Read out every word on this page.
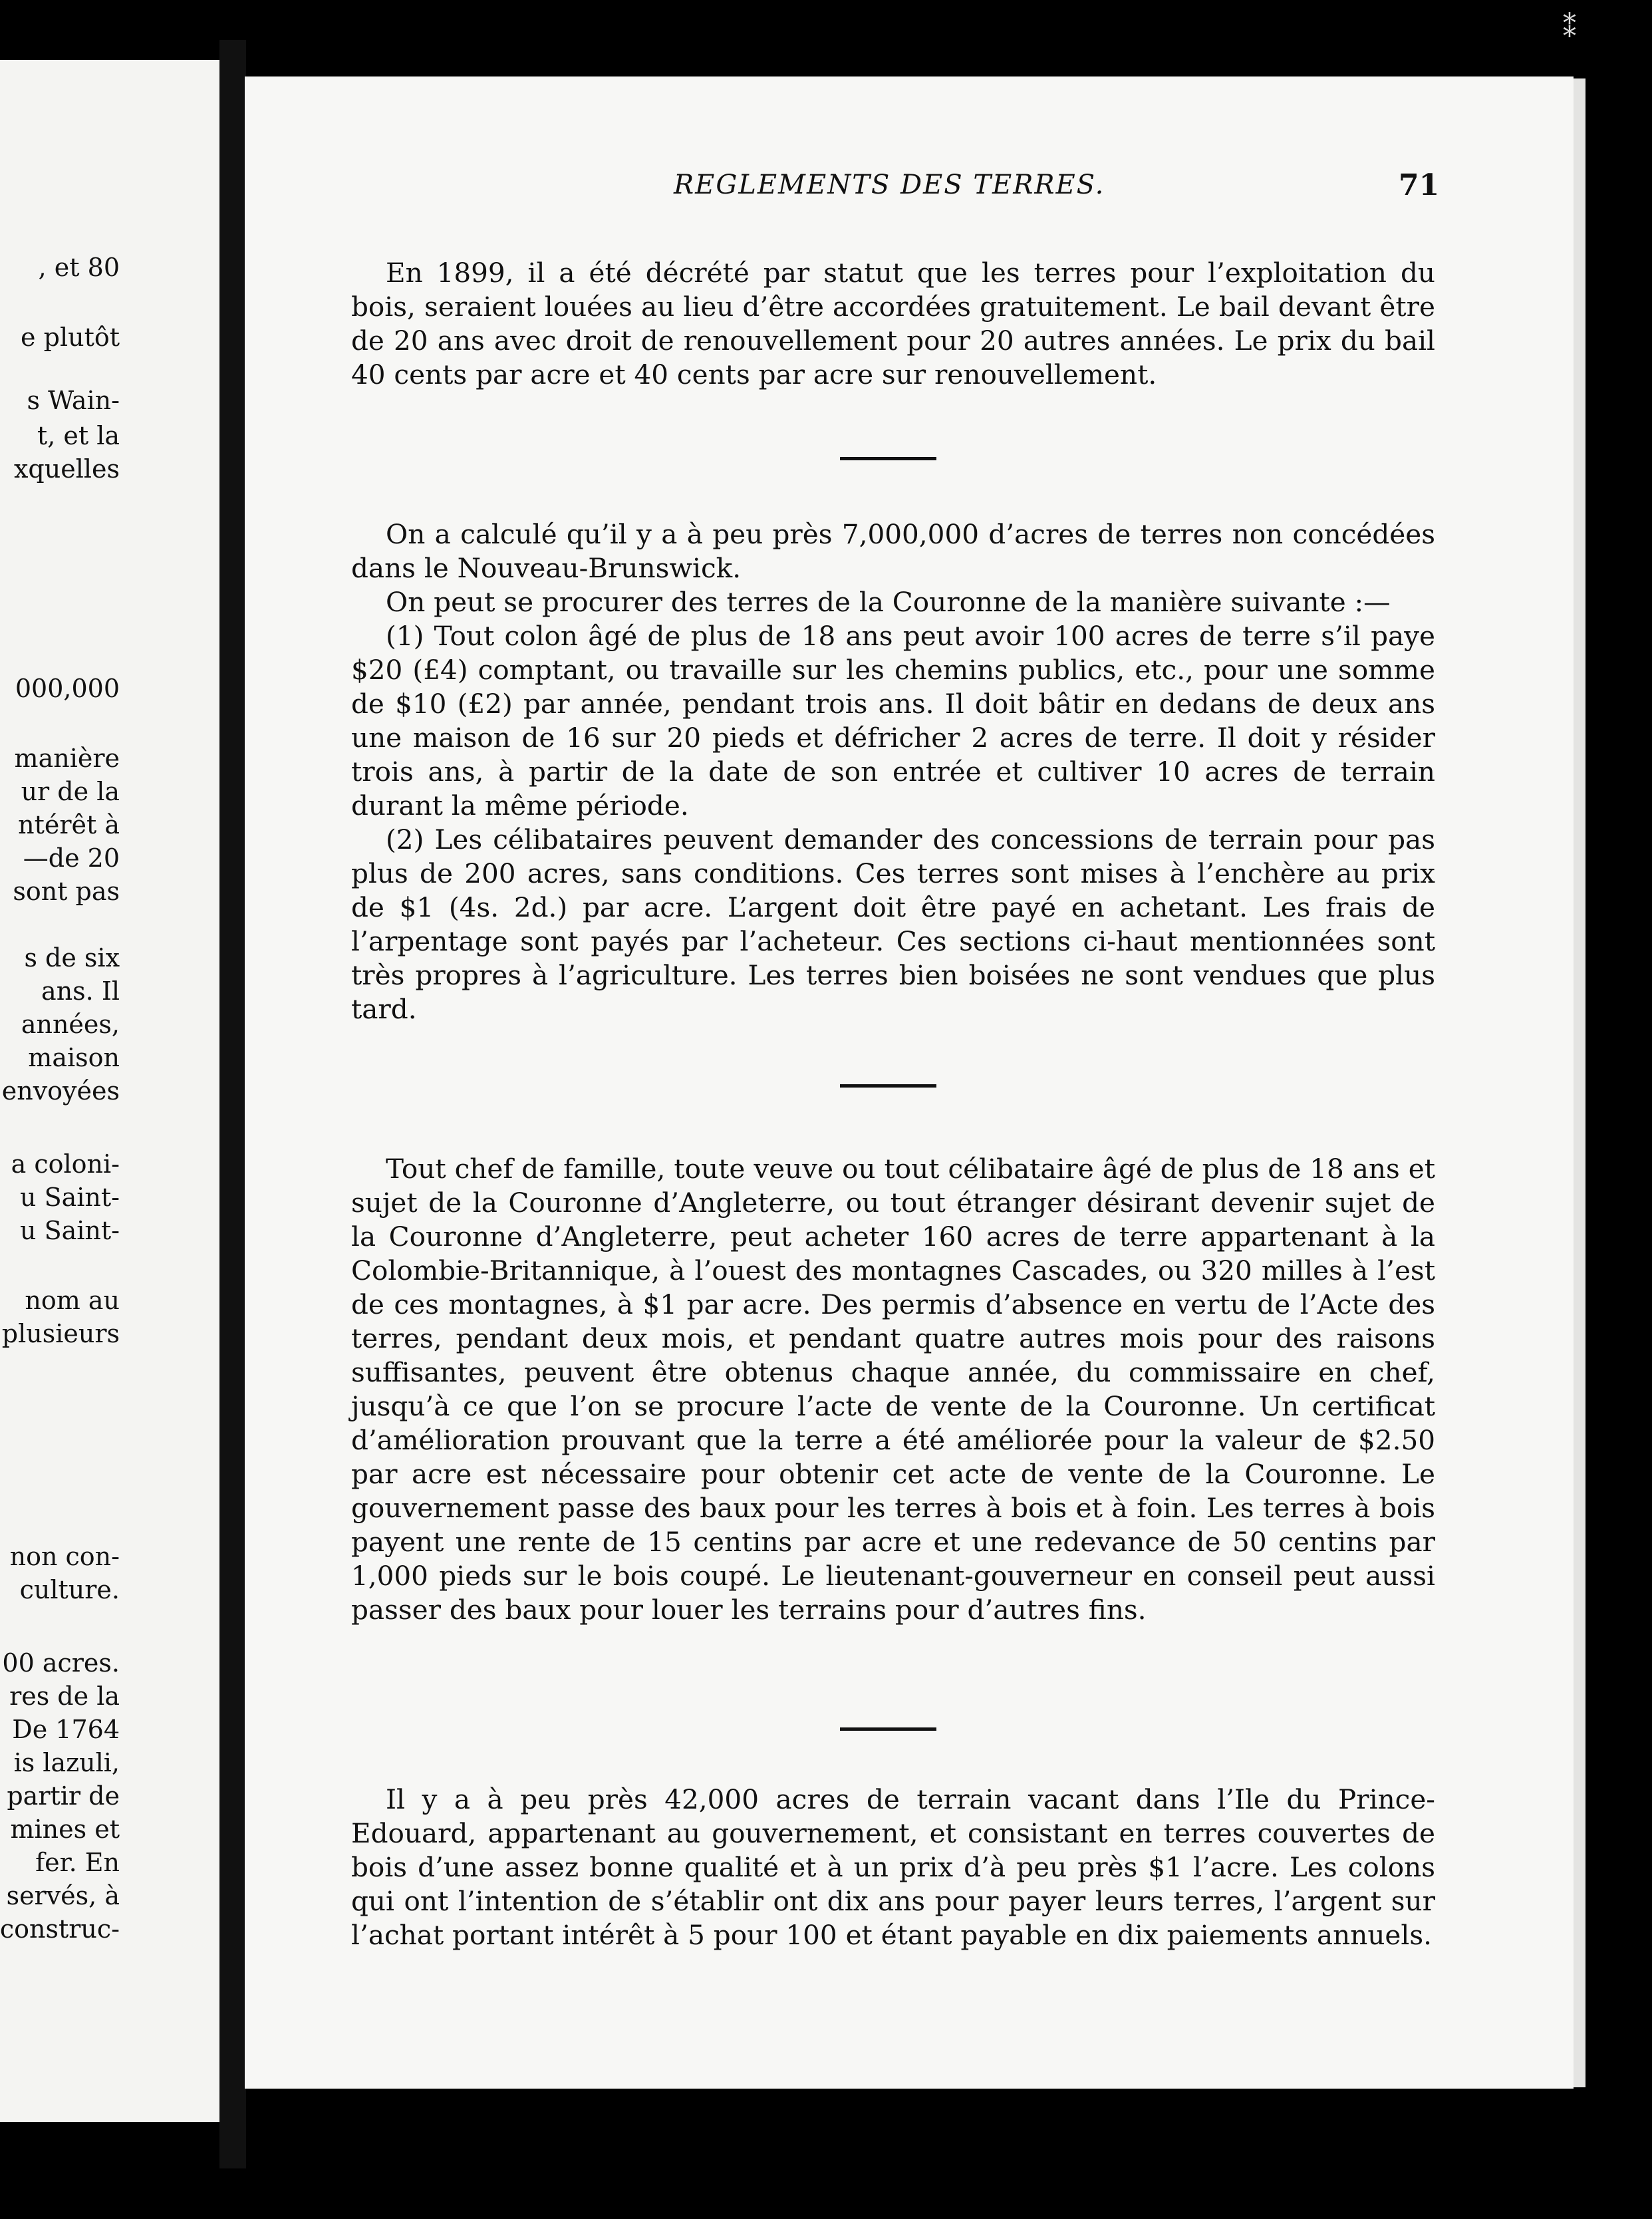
, et 80
e plutôt
s Wain-
t, et la
xquelles
000,000
manière
ur de la
ntérêt à
—de 20
sont pas
s de six
ans. Il
années,
maison
envoyées
a coloni-
u Saint-
u Saint-
nom au
plusieurs
non con-
culture.
00 acres.
res de la
De 1764
is lazuli,
partir de
mines et
fer. En
servés, à
construc-
⁑
REGLEMENTS DES TERRES.	71

En 1899, il a été décrété par statut que les terres pour l’exploitation du bois, seraient louées au lieu d’être accordées gratuitement. Le bail devant être de 20 ans avec droit de renouvellement pour 20 autres années. Le prix du bail 40 cents par acre et 40 cents par acre sur renouvellement.

On a calculé qu’il y a à peu près 7,000,000 d’acres de terres non concédées dans le Nouveau-Brunswick.

On peut se procurer des terres de la Couronne de la manière suivante :—

(1) Tout colon âgé de plus de 18 ans peut avoir 100 acres de terre s’il paye $20 (£4) comptant, ou travaille sur les chemins publics, etc., pour une somme de $10 (£2) par année, pendant trois ans. Il doit bâtir en dedans de deux ans une maison de 16 sur 20 pieds et défricher 2 acres de terre. Il doit y résider trois ans, à partir de la date de son entrée et cultiver 10 acres de terrain durant la même période.

(2) Les célibataires peuvent demander des concessions de terrain pour pas plus de 200 acres, sans conditions. Ces terres sont mises à l’enchère au prix de $1 (4s. 2d.) par acre. L’argent doit être payé en achetant. Les frais de l’arpentage sont payés par l’acheteur. Ces sections ci-haut mentionnées sont très propres à l’agriculture. Les terres bien boisées ne sont vendues que plus tard.

Tout chef de famille, toute veuve ou tout célibataire âgé de plus de 18 ans et sujet de la Couronne d’Angleterre, ou tout étranger désirant devenir sujet de la Couronne d’Angleterre, peut acheter 160 acres de terre appartenant à la Colombie-Britannique, à l’ouest des montagnes Cascades, ou 320 milles à l’est de ces montagnes, à $1 par acre. Des permis d’absence en vertu de l’Acte des terres, pendant deux mois, et pendant quatre autres mois pour des raisons suffisantes, peuvent être obtenus chaque année, du commissaire en chef, jusqu’à ce que l’on se procure l’acte de vente de la Couronne. Un certificat d’amélioration prouvant que la terre a été améliorée pour la valeur de $2.50 par acre est nécessaire pour obtenir cet acte de vente de la Couronne. Le gouvernement passe des baux pour les terres à bois et à foin. Les terres à bois payent une rente de 15 centins par acre et une redevance de 50 centins par 1,000 pieds sur le bois coupé. Le lieutenant-gouverneur en conseil peut aussi passer des baux pour louer les terrains pour d’autres fins.

Il y a à peu près 42,000 acres de terrain vacant dans l’Ile du Prince-Edouard, appartenant au gouvernement, et consistant en terres couvertes de bois d’une assez bonne qualité et à un prix d’à peu près $1 l’acre. Les colons qui ont l’intention de s’établir ont dix ans pour payer leurs terres, l’argent sur l’achat portant intérêt à 5 pour 100 et étant payable en dix paiements annuels.
